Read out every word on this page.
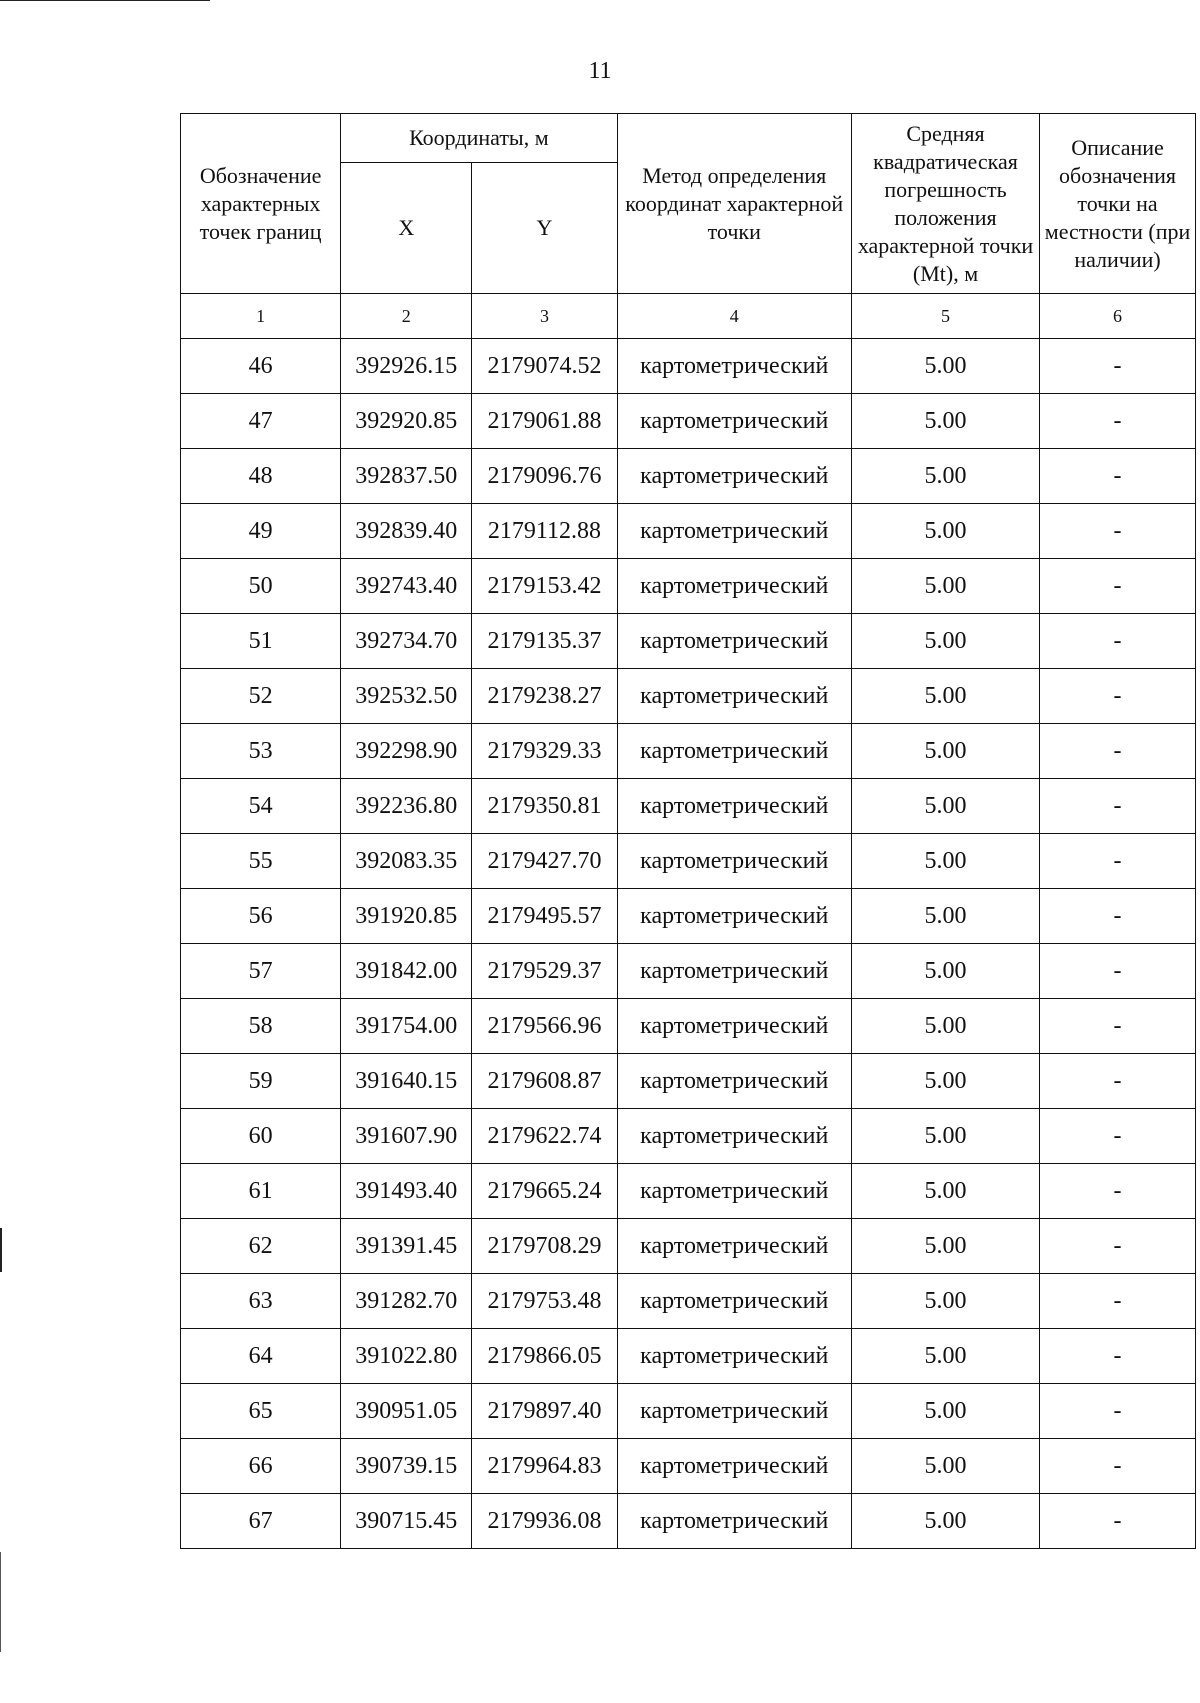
11
Обозначение характерных точек границ	Координаты, м		Метод определения координат характерной точки	Средняя квадратическая погрешность положения характерной точки (Mt), м	Описание обозначения точки на местности (при наличии)
	X	Y			
1	2	3	4	5	6
46	392926.15	2179074.52	картометрический	5.00	-
47	392920.85	2179061.88	картометрический	5.00	-
48	392837.50	2179096.76	картометрический	5.00	-
49	392839.40	2179112.88	картометрический	5.00	-
50	392743.40	2179153.42	картометрический	5.00	-
51	392734.70	2179135.37	картометрический	5.00	-
52	392532.50	2179238.27	картометрический	5.00	-
53	392298.90	2179329.33	картометрический	5.00	-
54	392236.80	2179350.81	картометрический	5.00	-
55	392083.35	2179427.70	картометрический	5.00	-
56	391920.85	2179495.57	картометрический	5.00	-
57	391842.00	2179529.37	картометрический	5.00	-
58	391754.00	2179566.96	картометрический	5.00	-
59	391640.15	2179608.87	картометрический	5.00	-
60	391607.90	2179622.74	картометрический	5.00	-
61	391493.40	2179665.24	картометрический	5.00	-
62	391391.45	2179708.29	картометрический	5.00	-
63	391282.70	2179753.48	картометрический	5.00	-
64	391022.80	2179866.05	картометрический	5.00	-
65	390951.05	2179897.40	картометрический	5.00	-
66	390739.15	2179964.83	картометрический	5.00	-
67	390715.45	2179936.08	картометрический	5.00	-
